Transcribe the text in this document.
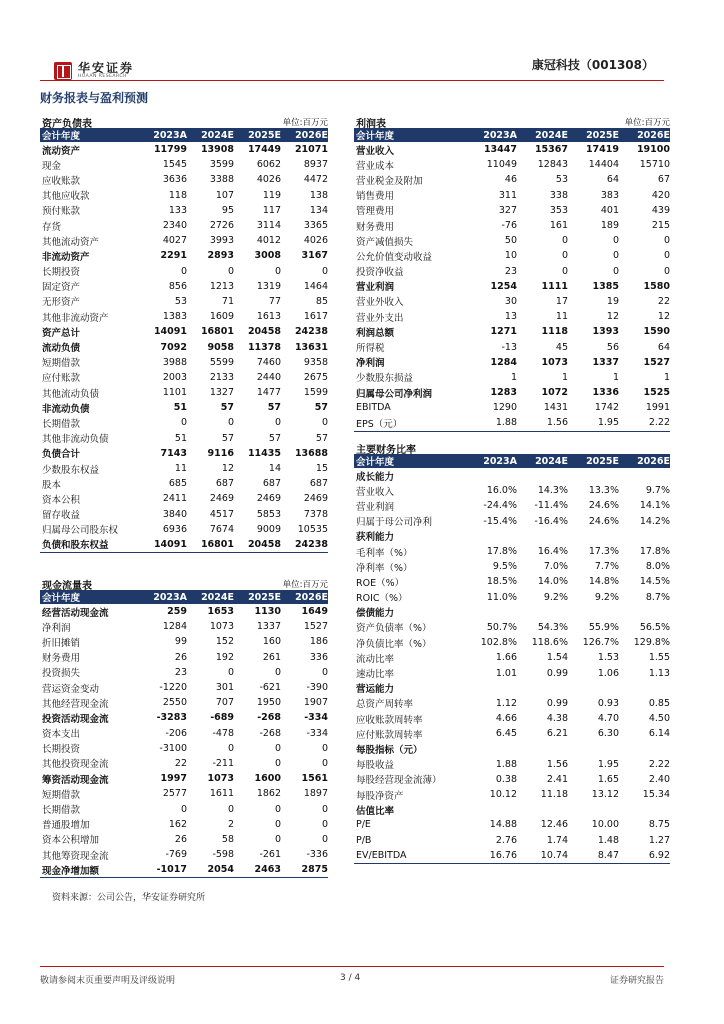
华安证券
HUAAN RESEARCH
康冠科技（001308）
财务报表与盈利预测
资产负债表	单位:百万元
会计年度	2023A	2024E	2025E	2026E
流动资产	11799	13908	17449	21071
现金	1545	3599	6062	8937
应收账款	3636	3388	4026	4472
其他应收款	118	107	119	138
预付账款	133	95	117	134
存货	2340	2726	3114	3365
其他流动资产	4027	3993	4012	4026
非流动资产	2291	2893	3008	3167
长期投资	0	0	0	0
固定资产	856	1213	1319	1464
无形资产	53	71	77	85
其他非流动资产	1383	1609	1613	1617
资产总计	14091	16801	20458	24238
流动负债	7092	9058	11378	13631
短期借款	3988	5599	7460	9358
应付账款	2003	2133	2440	2675
其他流动负债	1101	1327	1477	1599
非流动负债	51	57	57	57
长期借款	0	0	0	0
其他非流动负债	51	57	57	57
负债合计	7143	9116	11435	13688
少数股东权益	11	12	14	15
股本	685	687	687	687
资本公积	2411	2469	2469	2469
留存收益	3840	4517	5853	7378
归属母公司股东权	6936	7674	9009	10535
负债和股东权益	14091	16801	20458	24238
利润表	单位:百万元
会计年度	2023A	2024E	2025E	2026E
营业收入	13447	15367	17419	19100
营业成本	11049	12843	14404	15710
营业税金及附加	46	53	64	67
销售费用	311	338	383	420
管理费用	327	353	401	439
财务费用	-76	161	189	215
资产减值损失	50	0	0	0
公允价值变动收益	10	0	0	0
投资净收益	23	0	0	0
营业利润	1254	1111	1385	1580
营业外收入	30	17	19	22
营业外支出	13	11	12	12
利润总额	1271	1118	1393	1590
所得税	-13	45	56	64
净利润	1284	1073	1337	1527
少数股东损益	1	1	1	1
归属母公司净利润	1283	1072	1336	1525
EBITDA	1290	1431	1742	1991
EPS（元）	1.88	1.56	1.95	2.22
主要财务比率
会计年度	2023A	2024E	2025E	2026E
成长能力
营业收入	16.0%	14.3%	13.3%	9.7%
营业利润	-24.4%	-11.4%	24.6%	14.1%
归属于母公司净利	-15.4%	-16.4%	24.6%	14.2%
获利能力
毛利率（%）	17.8%	16.4%	17.3%	17.8%
净利率（%）	9.5%	7.0%	7.7%	8.0%
ROE（%）	18.5%	14.0%	14.8%	14.5%
ROIC（%）	11.0%	9.2%	9.2%	8.7%
偿债能力
资产负债率（%）	50.7%	54.3%	55.9%	56.5%
净负债比率（%）	102.8%	118.6%	126.7%	129.8%
流动比率	1.66	1.54	1.53	1.55
速动比率	1.01	0.99	1.06	1.13
营运能力
总资产周转率	1.12	0.99	0.93	0.85
应收账款周转率	4.66	4.38	4.70	4.50
应付账款周转率	6.45	6.21	6.30	6.14
每股指标（元）
每股收益	1.88	1.56	1.95	2.22
每股经营现金流薄）	0.38	2.41	1.65	2.40
每股净资产	10.12	11.18	13.12	15.34
估值比率
P/E	14.88	12.46	10.00	8.75
P/B	2.76	1.74	1.48	1.27
EV/EBITDA	16.76	10.74	8.47	6.92
现金流量表	单位:百万元
会计年度	2023A	2024E	2025E	2026E
经营活动现金流	259	1653	1130	1649
净利润	1284	1073	1337	1527
折旧摊销	99	152	160	186
财务费用	26	192	261	336
投资损失	23	0	0	0
营运资金变动	-1220	301	-621	-390
其他经营现金流	2550	707	1950	1907
投资活动现金流	-3283	-689	-268	-334
资本支出	-206	-478	-268	-334
长期投资	-3100	0	0	0
其他投资现金流	22	-211	0	0
筹资活动现金流	1997	1073	1600	1561
短期借款	2577	1611	1862	1897
长期借款	0	0	0	0
普通股增加	162	2	0	0
资本公积增加	26	58	0	0
其他筹资现金流	-769	-598	-261	-336
现金净增加额	-1017	2054	2463	2875
资料来源：公司公告，华安证券研究所
敬请参阅末页重要声明及评级说明	3 / 4	证券研究报告
